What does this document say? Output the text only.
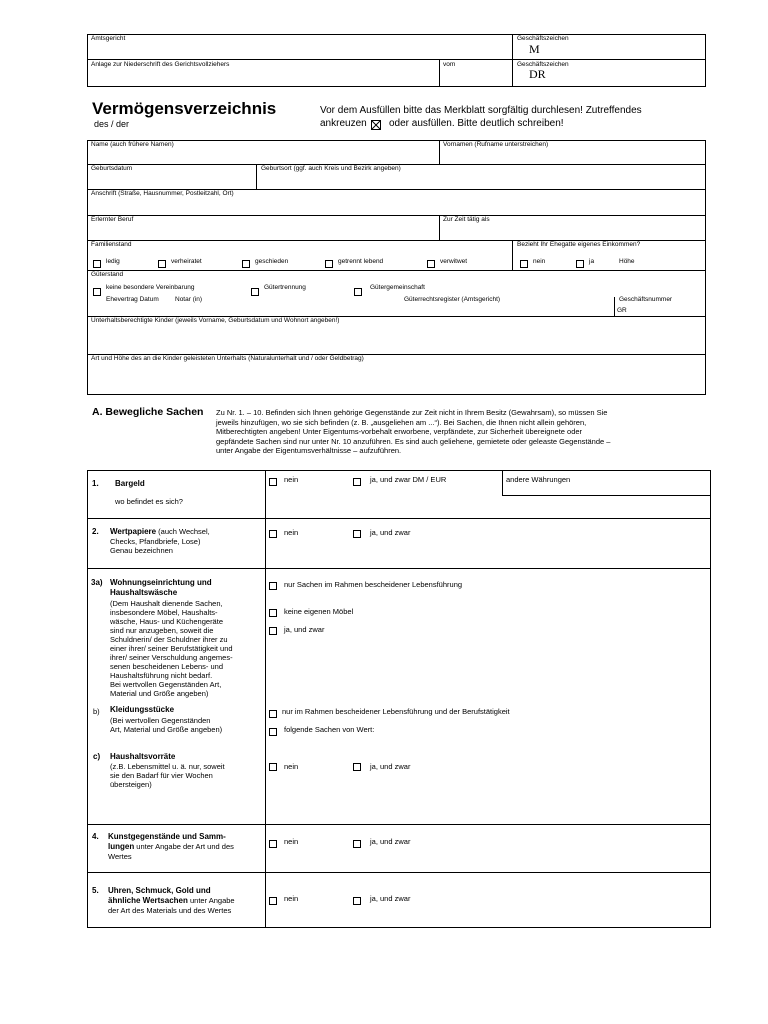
Amtsgericht	Geschäftszeichen
M
Anlage zur Niederschrift des Gerichtsvollziehers	vom	Geschäftszeichen
DR
Vermögensverzeichnis
des / der
Vor dem Ausfüllen bitte das Merkblatt sorgfältig durchlesen! Zutreffendes
ankreuzen oder ausfüllen. Bitte deutlich schreiben!
Name (auch frühere Namen)	Vornamen (Rufname unterstreichen)
Geburtsdatum	Geburtsort (ggf. auch Kreis und Bezirk angeben)
Anschrift (Straße, Hausnummer, Postleitzahl, Ort)
Erlernter Beruf	Zur Zeit tätig als
Familienstand	Bezieht Ihr Ehegatte eigenes Einkommen?
ledig	verheiratet	geschieden	getrennt lebend	verwitwet	nein	ja	Höhe
Güterstand
keine besondere Vereinbarung	Gütertrennung	Gütergemeinschaft
Ehevertrag Datum	Notar (in)	Güterrechtsregister (Amtsgericht)	Geschäftsnummer
GR
Unterhaltsberechtigte Kinder (jeweils Vorname, Geburtsdatum und Wohnort angeben!)
Art und Höhe des an die Kinder geleisteten Unterhalts (Naturalunterhalt und / oder Geldbetrag)
A. Bewegliche Sachen Zu Nr. 1. – 10. Befinden sich Ihnen gehörige Gegenstände zur Zeit nicht in Ihrem Besitz (Gewahrsam), so müssen Sie
jeweils hinzufügen, wo sie sich befinden (z. B. „ausgeliehen am ...“). Bei Sachen, die Ihnen nicht allein gehören,
Mitberechtigten angeben! Unter Eigentums-vorbehalt erworbene, verpfändete, zur Sicherheit übereignete oder
gepfändete Sachen sind nur unter Nr. 10 anzuführen. Es sind auch geliehene, gemietete oder geleaste Gegenstände –
unter Angabe der Eigentumsverhältnisse – aufzuführen.
1. Bargeld
wo befindet es sich?
nein	ja, und zwar DM / EUR	andere Währungen
2. Wertpapiere (auch Wechsel,
Checks, Pfandbriefe, Lose)
Genau bezeichnen
nein	ja, und zwar
3a) Wohnungseinrichtung und
Haushaltswäsche
(Dem Haushalt dienende Sachen,
insbesondere Möbel, Haushalts-
wäsche, Haus- und Küchengeräte
sind nur anzugeben, soweit die
Schuldnerin/ der Schuldner ihrer zu
einer ihrer/ seiner Berufstätigkeit und
ihrer/ seiner Verschuldung angemes-
senen bescheidenen Lebens- und
Haushaltsführung nicht bedarf.
Bei wertvollen Gegenständen Art,
Material und Größe angeben)
nur Sachen im Rahmen bescheidener Lebensführung
keine eigenen Möbel
ja, und zwar
b) Kleidungsstücke
(Bei wertvollen Gegenständen
Art, Material und Größe angeben)
nur im Rahmen bescheidener Lebensführung und der Berufstätigkeit
folgende Sachen von Wert:
c) Haushaltsvorräte
(z.B. Lebensmittel u. ä. nur, soweit
sie den Badarf für vier Wochen
übersteigen)
nein	ja, und zwar
4. Kunstgegenstände und Samm-
lungen unter Angabe der Art und des
Wertes
nein	ja, und zwar
5. Uhren, Schmuck, Gold und
ähnliche Wertsachen unter Angabe
der Art des Materials und des Wertes
nein	ja, und zwar
